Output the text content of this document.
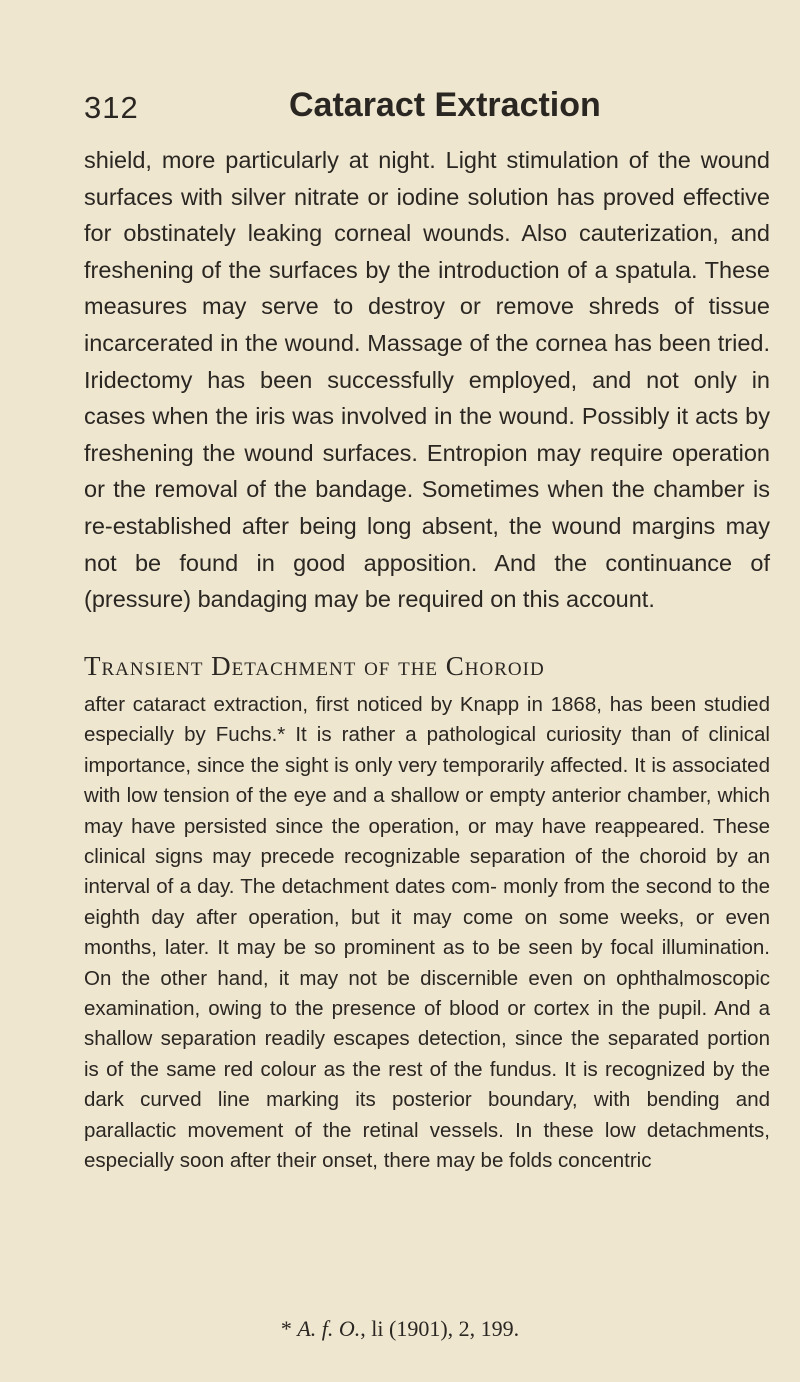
312	Cataract Extraction

shield, more particularly at night. Light stimulation of the wound surfaces with silver nitrate or iodine solution has proved effective for obstinately leaking corneal wounds. Also cauterization, and freshening of the surfaces by the introduction of a spatula. These measures may serve to destroy or remove shreds of tissue incarcerated in the wound. Massage of the cornea has been tried. Iridectomy has been successfully employed, and not only in cases when the iris was involved in the wound. Possibly it acts by freshening the wound surfaces. Entropion may require operation or the removal of the bandage. Sometimes when the chamber is re-established after being long absent, the wound margins may not be found in good apposition. And the continuance of (pressure) bandaging may be required on this account.

Transient Detachment of the Choroid

after cataract extraction, first noticed by Knapp in 1868, has been studied especially by Fuchs.* It is rather a pathological curiosity than of clinical importance, since the sight is only very temporarily affected. It is associated with low tension of the eye and a shallow or empty anterior chamber, which may have persisted since the operation, or may have reappeared. These clinical signs may precede recognizable separation of the choroid by an interval of a day. The detachment dates com- monly from the second to the eighth day after operation, but it may come on some weeks, or even months, later. It may be so prominent as to be seen by focal illumination. On the other hand, it may not be discernible even on ophthalmoscopic examination, owing to the presence of blood or cortex in the pupil. And a shallow separation readily escapes detection, since the separated portion is of the same red colour as the rest of the fundus. It is recognized by the dark curved line marking its posterior boundary, with bending and parallactic movement of the retinal vessels. In these low detachments, especially soon after their onset, there may be folds concentric

* A. f. O., li (1901), 2, 199.
